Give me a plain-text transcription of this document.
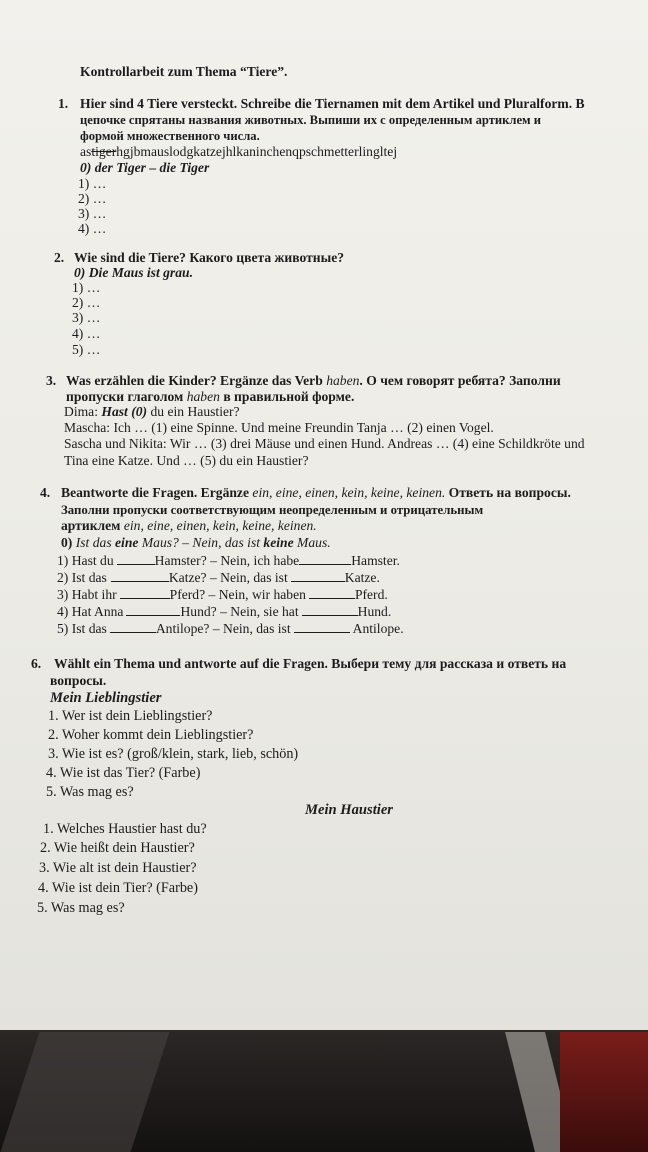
Kontrollarbeit zum Thema “Tiere”.
1. Hier sind 4 Tiere versteckt. Schreibe die Tiernamen mit dem Artikel und Pluralform. В
цепочке спрятаны названия животных. Выпиши их с определенным артиклем и
формой множественного числа.
astigerhgjbmauslodgkatzejhlkaninchenqpschmetterlingltej
0) der Tiger – die Tiger
1) …
2) …
3) …
4) …
2. Wie sind die Tiere? Какого цвета животные?
0) Die Maus ist grau.
1) …
2) …
3) …
4) …
5) …
3. Was erzählen die Kinder? Ergänze das Verb haben. О чем говорят ребята? Заполни
пропуски глаголом haben в правильной форме.
Dima: Hast (0) du ein Haustier?
Mascha: Ich … (1) eine Spinne. Und meine Freundin Tanja … (2) einen Vogel.
Sascha und Nikita: Wir … (3) drei Mäuse und einen Hund. Andreas … (4) eine Schildkröte und
Tina eine Katze. Und … (5) du ein Haustier?
4. Beantworte die Fragen. Ergänze ein, eine, einen, kein, keine, keinen. Ответь на вопросы.
Заполни пропуски соответствующим неопределенным и отрицательным
артиклем ein, eine, einen, kein, keine, keinen.
0) Ist das eine Maus? – Nein, das ist keine Maus.
1) Hast du	Hamster? – Nein, ich habe	Hamster.
2) Ist das	Katze? – Nein, das ist	Katze.
3) Habt ihr	Pferd? – Nein, wir haben	Pferd.
4) Hat Anna	Hund? – Nein, sie hat	Hund.
5) Ist das	Antilope? – Nein, das ist	Antilope.
6. Wählt ein Thema und antworte auf die Fragen. Выбери тему для рассказа и ответь на
вопросы.
Mein Lieblingstier
1. Wer ist dein Lieblingstier?
2. Woher kommt dein Lieblingstier?
3. Wie ist es? (groß/klein, stark, lieb, schön)
4. Wie ist das Tier? (Farbe)
5. Was mag es?
Mein Haustier
1. Welches Haustier hast du?
2. Wie heißt dein Haustier?
3. Wie alt ist dein Haustier?
4. Wie ist dein Tier? (Farbe)
5. Was mag es?
